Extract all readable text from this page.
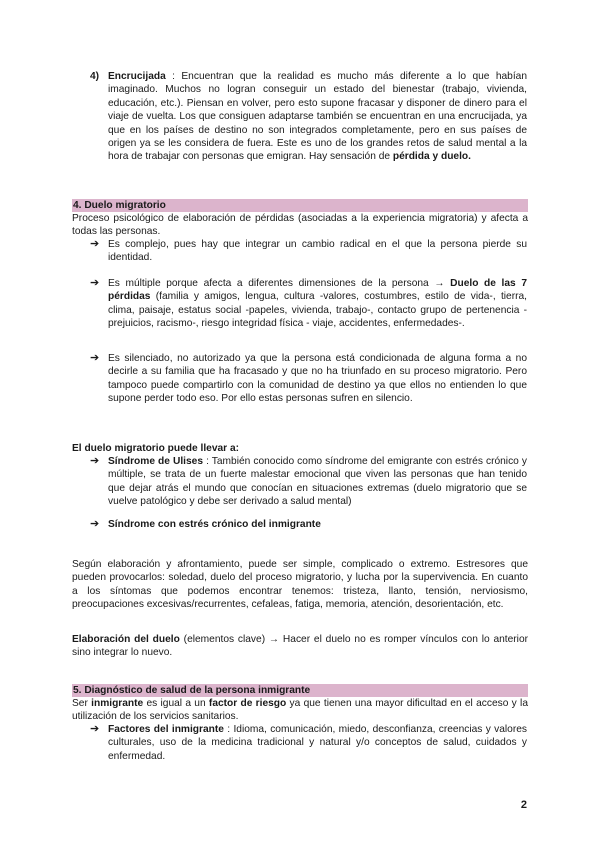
4) Encrucijada : Encuentran que la realidad es mucho más diferente a lo que habían imaginado. Muchos no logran conseguir un estado del bienestar (trabajo, vivienda, educación, etc.). Piensan en volver, pero esto supone fracasar y disponer de dinero para el viaje de vuelta. Los que consiguen adaptarse también se encuentran en una encrucijada, ya que en los países de destino no son integrados completamente, pero en sus países de origen ya se les considera de fuera. Este es uno de los grandes retos de salud mental a la hora de trabajar con personas que emigran. Hay sensación de pérdida y duelo.
4. Duelo migratorio
Proceso psicológico de elaboración de pérdidas (asociadas a la experiencia migratoria) y afecta a todas las personas.
➔ Es complejo, pues hay que integrar un cambio radical en el que la persona pierde su identidad.
➔ Es múltiple porque afecta a diferentes dimensiones de la persona → Duelo de las 7 pérdidas (familia y amigos, lengua, cultura -valores, costumbres, estilo de vida-, tierra, clima, paisaje, estatus social -papeles, vivienda, trabajo-, contacto grupo de pertenencia -prejuicios, racismo-, riesgo integridad física - viaje, accidentes, enfermedades-.
➔ Es silenciado, no autorizado ya que la persona está condicionada de alguna forma a no decirle a su familia que ha fracasado y que no ha triunfado en su proceso migratorio. Pero tampoco puede compartirlo con la comunidad de destino ya que ellos no entienden lo que supone perder todo eso. Por ello estas personas sufren en silencio.
El duelo migratorio puede llevar a:
➔ Síndrome de Ulises : También conocido como síndrome del emigrante con estrés crónico y múltiple, se trata de un fuerte malestar emocional que viven las personas que han tenido que dejar atrás el mundo que conocían en situaciones extremas (duelo migratorio que se vuelve patológico y debe ser derivado a salud mental)
➔ Síndrome con estrés crónico del inmigrante
Según elaboración y afrontamiento, puede ser simple, complicado o extremo. Estresores que pueden provocarlos: soledad, duelo del proceso migratorio, y lucha por la supervivencia. En cuanto a los síntomas que podemos encontrar tenemos: tristeza, llanto, tensión, nerviosismo, preocupaciones excesivas/recurrentes, cefaleas, fatiga, memoria, atención, desorientación, etc.
Elaboración del duelo (elementos clave) → Hacer el duelo no es romper vínculos con lo anterior sino integrar lo nuevo.
5. Diagnóstico de salud de la persona inmigrante
Ser inmigrante es igual a un factor de riesgo ya que tienen una mayor dificultad en el acceso y la utilización de los servicios sanitarios.
➔ Factores del inmigrante : Idioma, comunicación, miedo, desconfianza, creencias y valores culturales, uso de la medicina tradicional y natural y/o conceptos de salud, cuidados y enfermedad.
2
